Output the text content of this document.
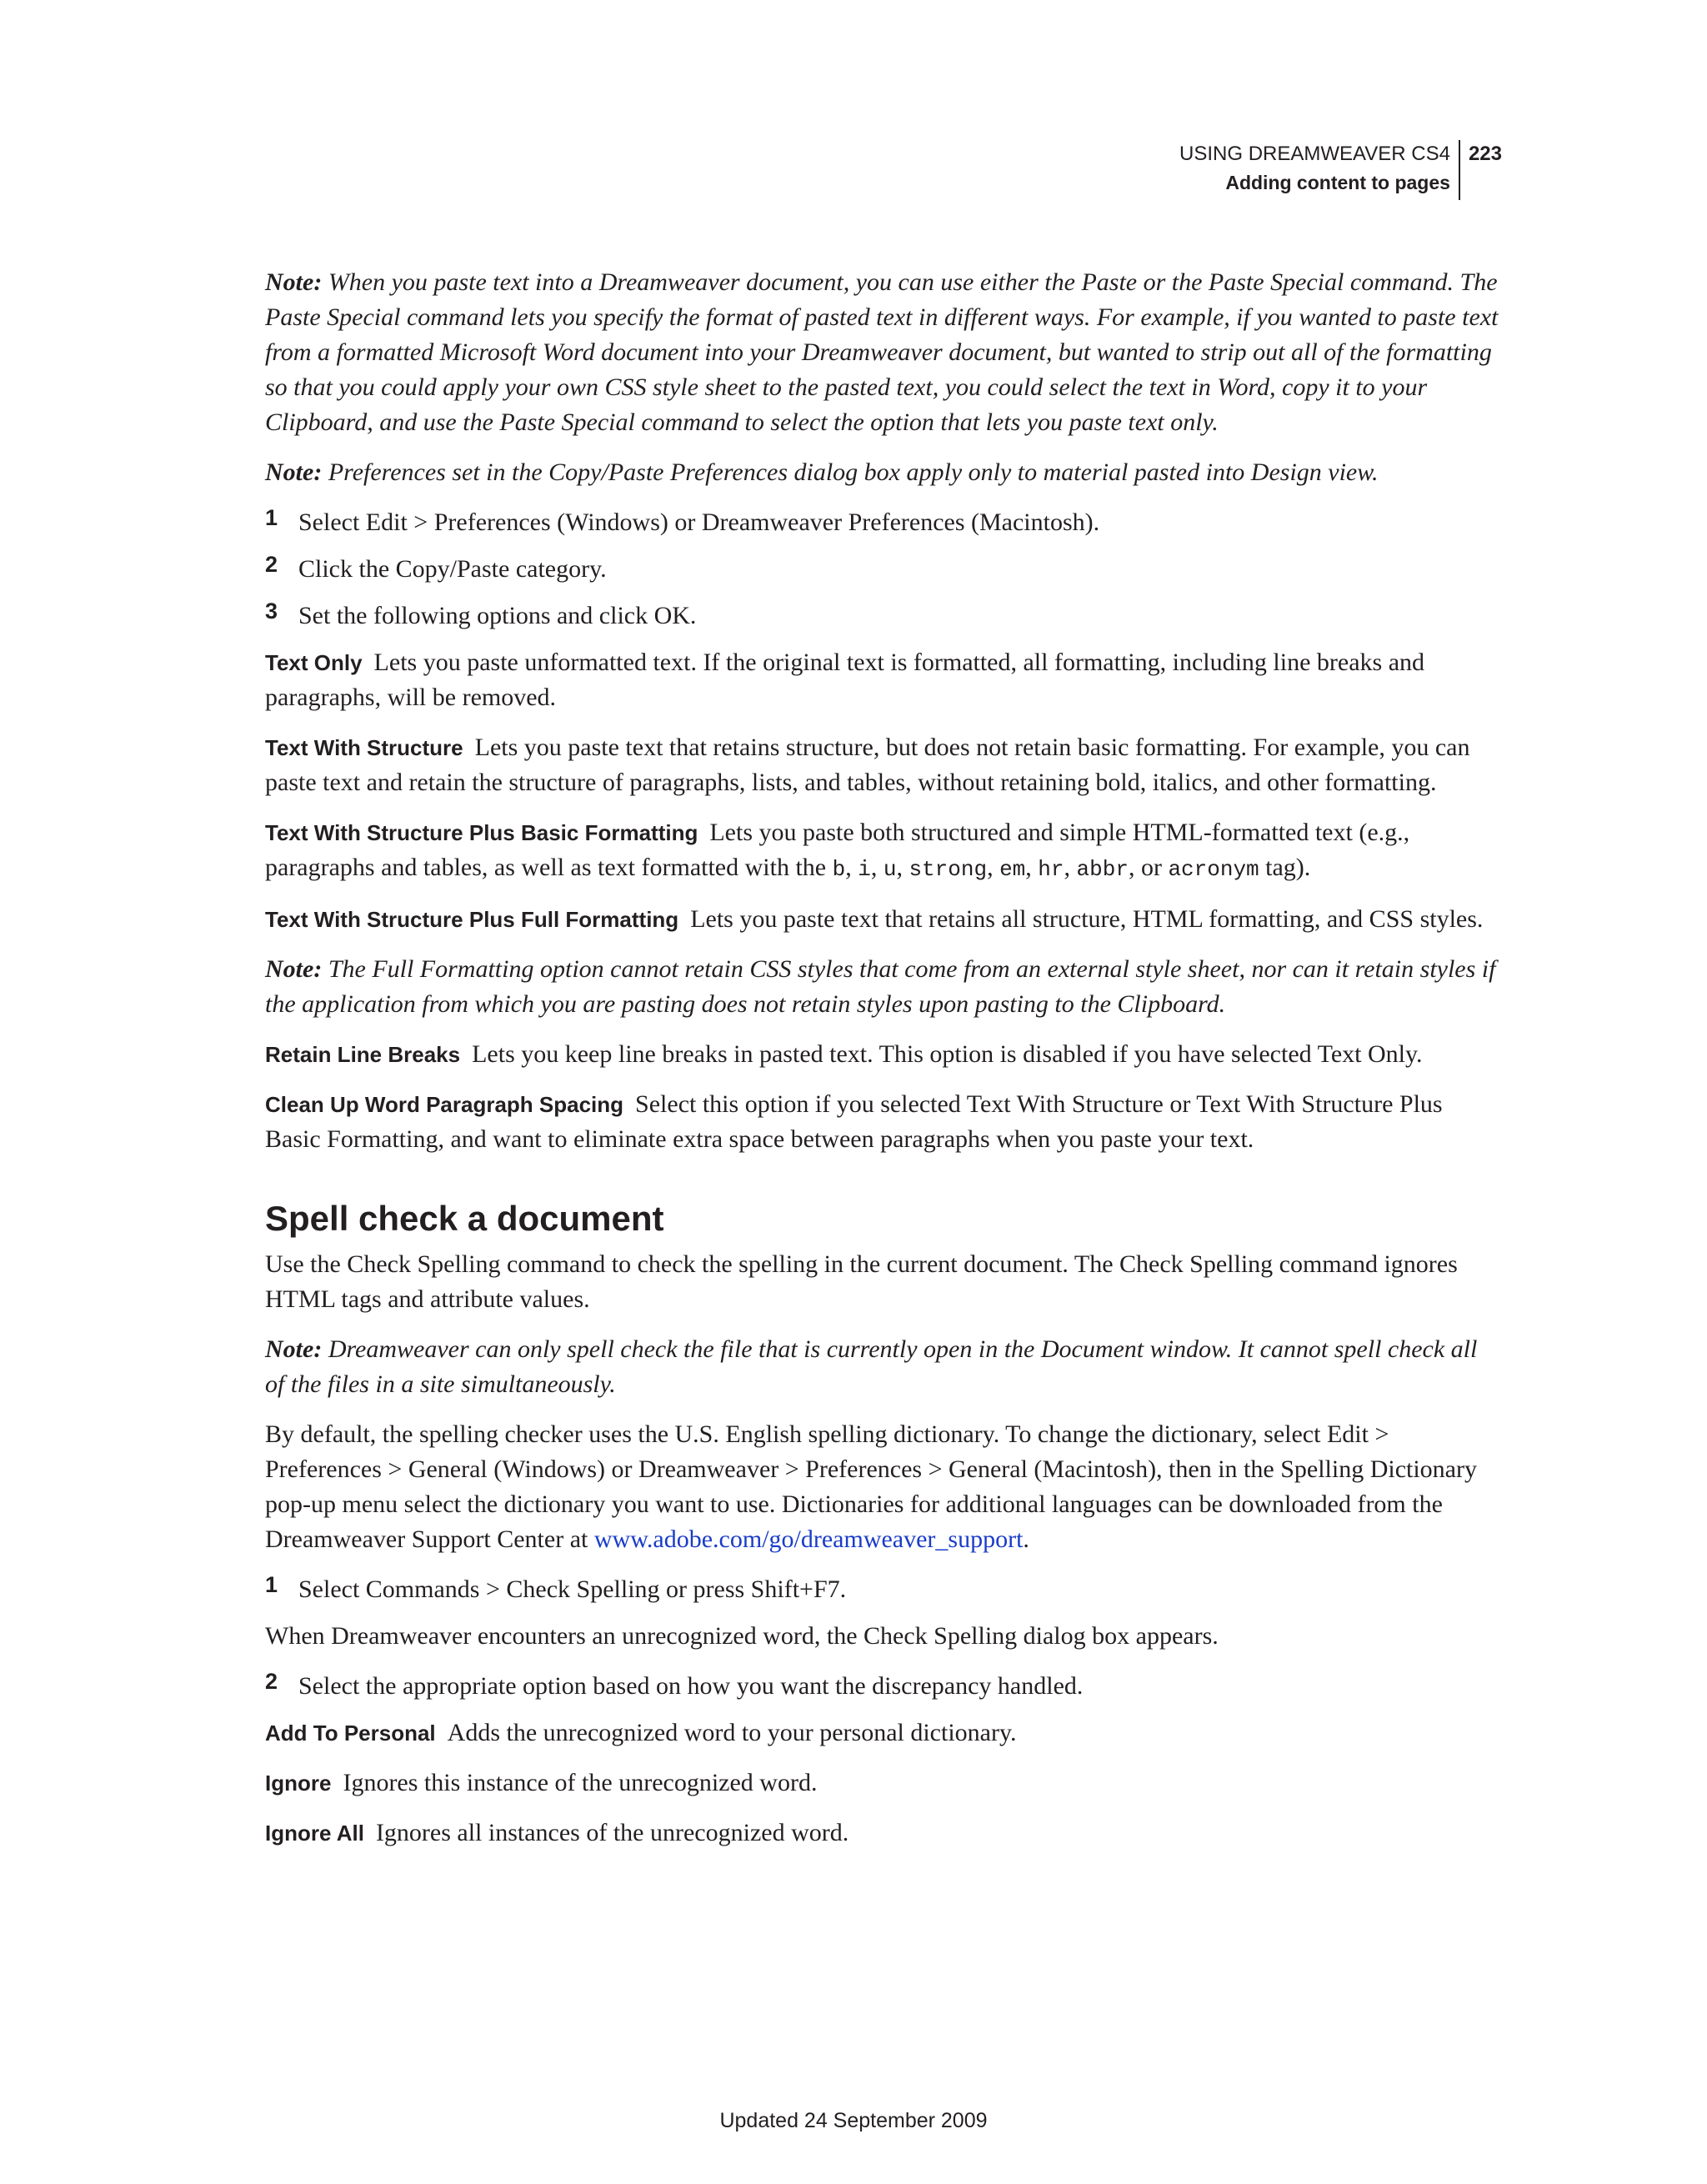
USING DREAMWEAVER CS4
Adding content to pages
223

Note: When you paste text into a Dreamweaver document, you can use either the Paste or the Paste Special command. The Paste Special command lets you specify the format of pasted text in different ways. For example, if you wanted to paste text from a formatted Microsoft Word document into your Dreamweaver document, but wanted to strip out all of the formatting so that you could apply your own CSS style sheet to the pasted text, you could select the text in Word, copy it to your Clipboard, and use the Paste Special command to select the option that lets you paste text only.

Note: Preferences set in the Copy/Paste Preferences dialog box apply only to material pasted into Design view.

1 Select Edit > Preferences (Windows) or Dreamweaver Preferences (Macintosh).

2 Click the Copy/Paste category.

3 Set the following options and click OK.

Text Only Lets you paste unformatted text. If the original text is formatted, all formatting, including line breaks and paragraphs, will be removed.

Text With Structure Lets you paste text that retains structure, but does not retain basic formatting. For example, you can paste text and retain the structure of paragraphs, lists, and tables, without retaining bold, italics, and other formatting.

Text With Structure Plus Basic Formatting Lets you paste both structured and simple HTML-formatted text (e.g., paragraphs and tables, as well as text formatted with the b, i, u, strong, em, hr, abbr, or acronym tag).

Text With Structure Plus Full Formatting Lets you paste text that retains all structure, HTML formatting, and CSS styles.

Note: The Full Formatting option cannot retain CSS styles that come from an external style sheet, nor can it retain styles if the application from which you are pasting does not retain styles upon pasting to the Clipboard.

Retain Line Breaks Lets you keep line breaks in pasted text. This option is disabled if you have selected Text Only.

Clean Up Word Paragraph Spacing Select this option if you selected Text With Structure or Text With Structure Plus Basic Formatting, and want to eliminate extra space between paragraphs when you paste your text.

Spell check a document

Use the Check Spelling command to check the spelling in the current document. The Check Spelling command ignores HTML tags and attribute values.

Note: Dreamweaver can only spell check the file that is currently open in the Document window. It cannot spell check all of the files in a site simultaneously.

By default, the spelling checker uses the U.S. English spelling dictionary. To change the dictionary, select Edit > Preferences > General (Windows) or Dreamweaver > Preferences > General (Macintosh), then in the Spelling Dictionary pop-up menu select the dictionary you want to use. Dictionaries for additional languages can be downloaded from the Dreamweaver Support Center at www.adobe.com/go/dreamweaver_support.

1 Select Commands > Check Spelling or press Shift+F7.

When Dreamweaver encounters an unrecognized word, the Check Spelling dialog box appears.

2 Select the appropriate option based on how you want the discrepancy handled.

Add To Personal Adds the unrecognized word to your personal dictionary.

Ignore Ignores this instance of the unrecognized word.

Ignore All Ignores all instances of the unrecognized word.

Updated 24 September 2009
